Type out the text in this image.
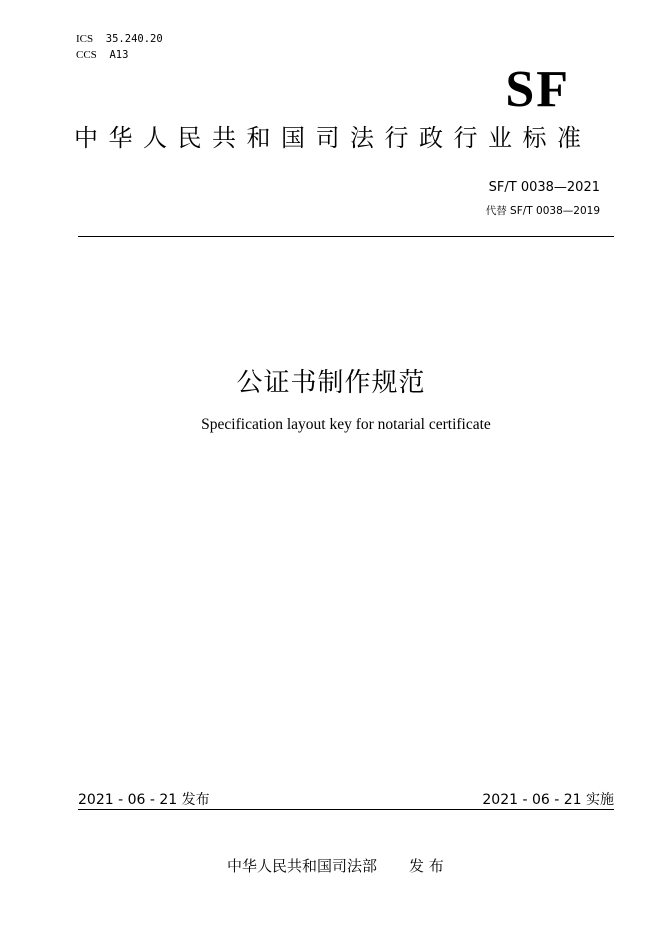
ICS 35.240.20
CCS A13
SF
中华人民共和国司法行政行业标准
SF/T 0038—2021
代替 SF/T 0038—2019
公证书制作规范
Specification layout key for notarial certificate
2021 - 06 - 21 发布	2021 - 06 - 21 实施
中华人民共和国司法部 发 布
